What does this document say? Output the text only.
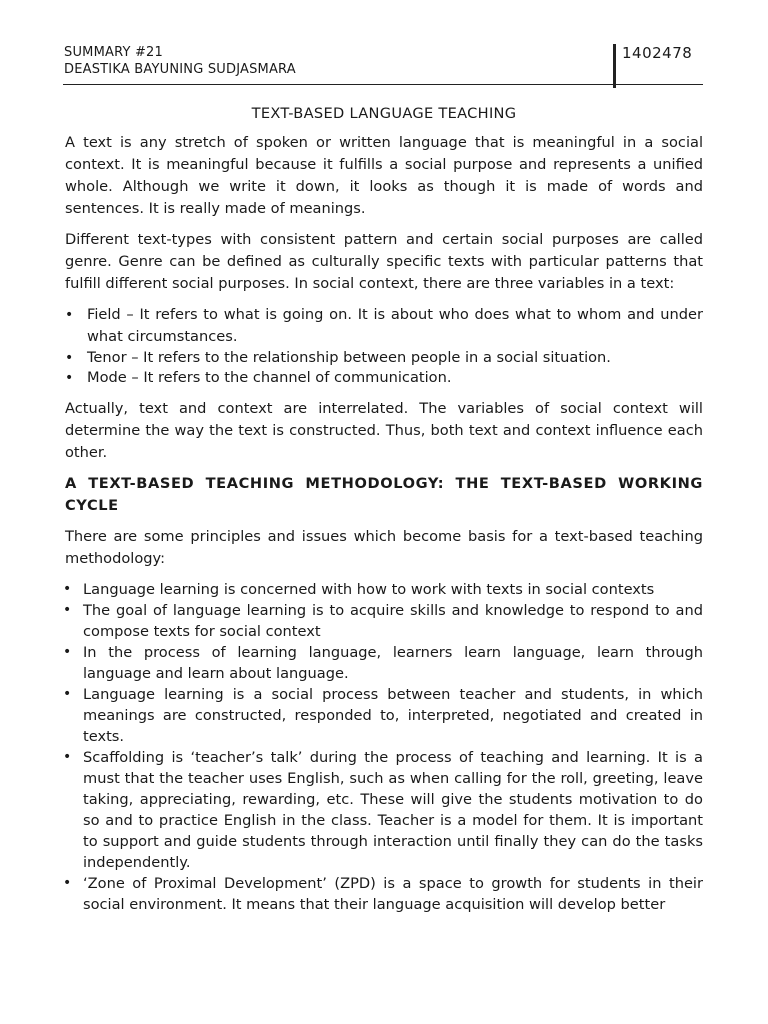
SUMMARY #21
DEASTIKA BAYUNING SUDJASMARA
1402478
TEXT-BASED LANGUAGE TEACHING

A text is any stretch of spoken or written language that is meaningful in a social context. It is meaningful because it fulfills a social purpose and represents a unified whole. Although we write it down, it looks as though it is made of words and sentences. It is really made of meanings.

Different text-types with consistent pattern and certain social purposes are called genre. Genre can be defined as culturally specific texts with particular patterns that fulfill different social purposes. In social context, there are three variables in a text:

• Field – It refers to what is going on. It is about who does what to whom and under what circumstances.
• Tenor – It refers to the relationship between people in a social situation.
• Mode – It refers to the channel of communication.

Actually, text and context are interrelated. The variables of social context will determine the way the text is constructed. Thus, both text and context influence each other.

A TEXT-BASED TEACHING METHODOLOGY: THE TEXT-BASED WORKING CYCLE

There are some principles and issues which become basis for a text-based teaching methodology:

• Language learning is concerned with how to work with texts in social contexts
• The goal of language learning is to acquire skills and knowledge to respond to and compose texts for social context
• In the process of learning language, learners learn language, learn through language and learn about language.
• Language learning is a social process between teacher and students, in which meanings are constructed, responded to, interpreted, negotiated and created in texts.
• Scaffolding is ‘teacher’s talk’ during the process of teaching and learning. It is a must that the teacher uses English, such as when calling for the roll, greeting, leave taking, appreciating, rewarding, etc. These will give the students motivation to do so and to practice English in the class. Teacher is a model for them. It is important to support and guide students through interaction until finally they can do the tasks independently.
• ‘Zone of Proximal Development’ (ZPD) is a space to growth for students in their social environment. It means that their language acquisition will develop better
